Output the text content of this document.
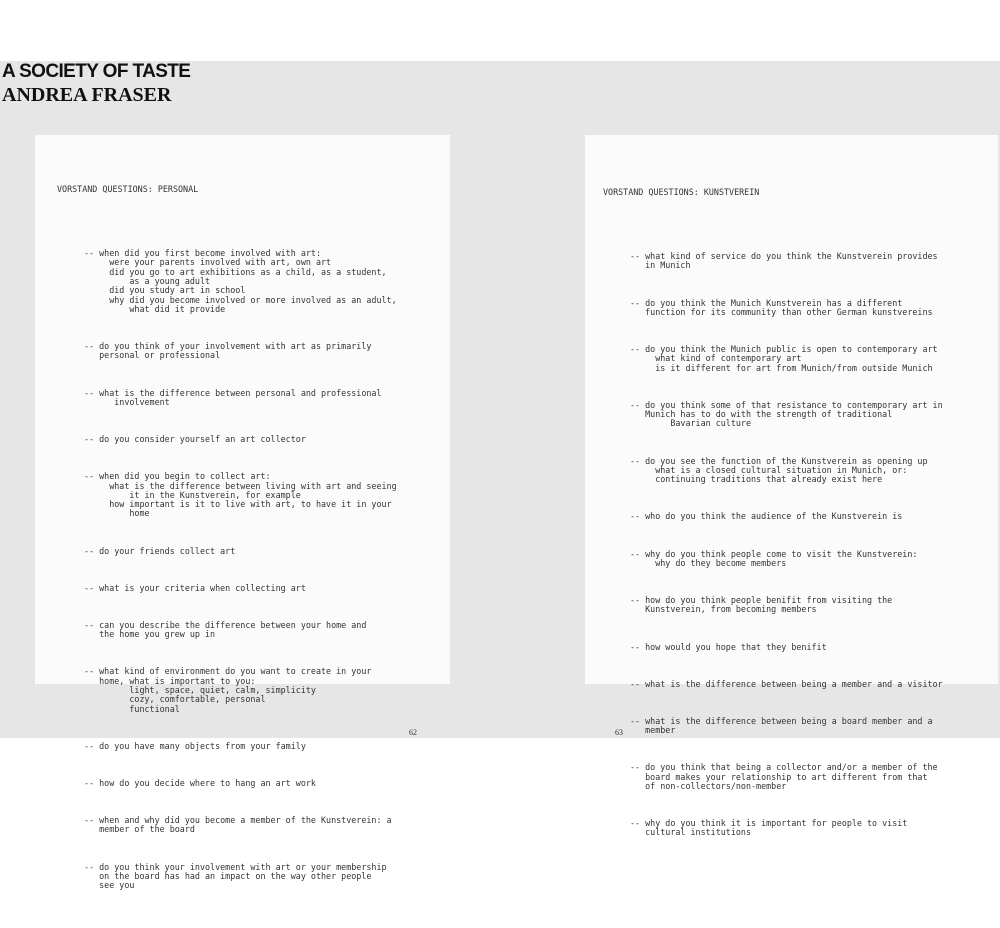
A SOCIETY OF TASTE
ANDREA FRASER

VORSTAND QUESTIONS: PERSONAL

-- when did you first become involved with art:
were your parents involved with art, own art
did you go to art exhibitions as a child, as a student,
as a young adult
did you study art in school
why did you become involved or more involved as an adult,
what did it provide

-- do you think of your involvement with art as primarily
personal or professional

-- what is the difference between personal and professional
involvement

-- do you consider yourself an art collector

-- when did you begin to collect art:
what is the difference between living with art and seeing
it in the Kunstverein, for example
how important is it to live with art, to have it in your
home

-- do your friends collect art

-- what is your criteria when collecting art

-- can you describe the difference between your home and
the home you grew up in

-- what kind of environment do you want to create in your
home, what is important to you:
light, space, quiet, calm, simplicity
cozy, comfortable, personal
functional

-- do you have many objects from your family

-- how do you decide where to hang an art work

-- when and why did you become a member of the Kunstverein: a
member of the board

-- do you think your involvement with art or your membership
on the board has had an impact on the way other people
see you

VORSTAND QUESTIONS: KUNSTVEREIN

-- what kind of service do you think the Kunstverein provides
in Munich

-- do you think the Munich Kunstverein has a different
function for its community than other German kunstvereins

-- do you think the Munich public is open to contemporary art
what kind of contemporary art
is it different for art from Munich/from outside Munich

-- do you think some of that resistance to contemporary art in
Munich has to do with the strength of traditional
Bavarian culture

-- do you see the function of the Kunstverein as opening up
what is a closed cultural situation in Munich, or:
continuing traditions that already exist here

-- who do you think the audience of the Kunstverein is

-- why do you think people come to visit the Kunstverein:
why do they become members

-- how do you think people benifit from visiting the
Kunstverein, from becoming members

-- how would you hope that they benifit

-- what is the difference between being a member and a visitor

-- what is the difference between being a board member and a
member

-- do you think that being a collector and/or a member of the
board makes your relationship to art different from that
of non-collectors/non-member

-- why do you think it is important for people to visit
cultural institutions

62	63
